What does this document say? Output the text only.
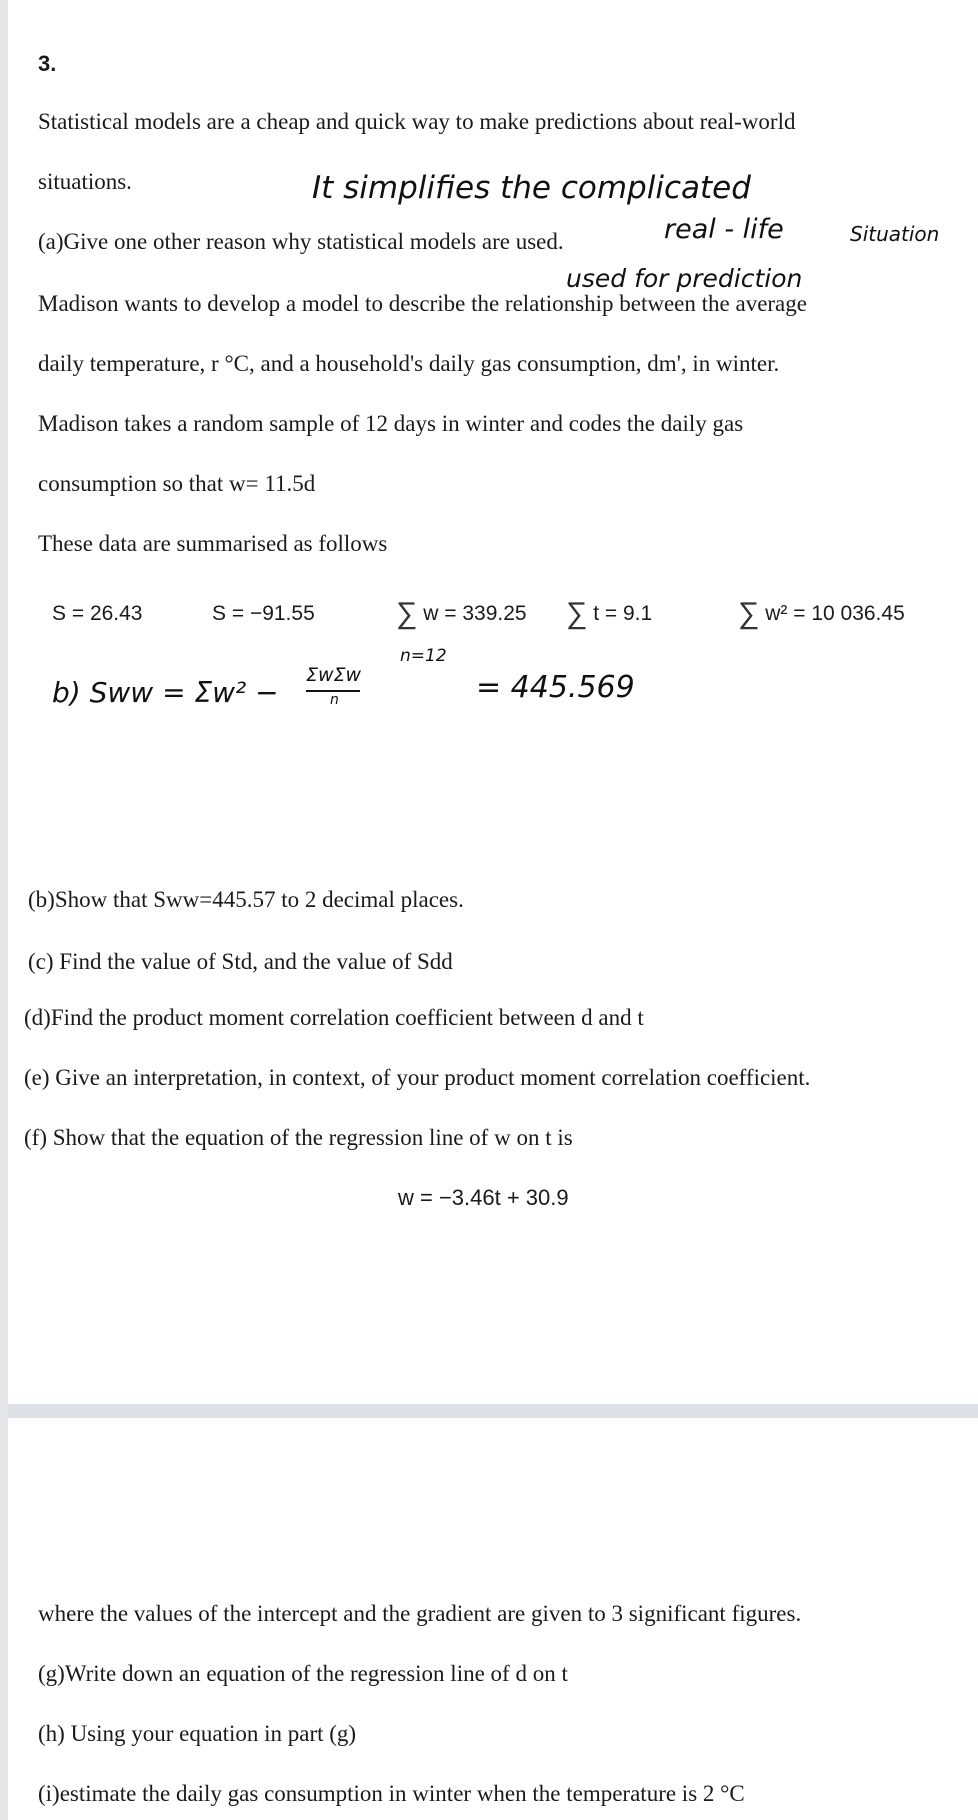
3.
Statistical models are a cheap and quick way to make predictions about real-world
situations.	It simplifies the complicated
(a)Give one other reason why statistical models are used.	real - life	Situation
used for prediction
Madison wants to develop a model to describe the relationship between the average
daily temperature, r °C, and a household's daily gas consumption, dm', in winter.
Madison takes a random sample of 12 days in winter and codes the daily gas
consumption so that w= 11.5d
These data are summarised as follows
S = 26.43	S = −91.55	∑ w = 339.25 ∑ t = 9.1	∑ w² = 10 036.45
n=12
b) Sww = Σw² −
ΣwΣw
n	= 445.569
(b)Show that Sww=445.57 to 2 decimal places.
(c) Find the value of Std, and the value of Sdd
(d)Find the product moment correlation coefficient between d and t
(e) Give an interpretation, in context, of your product moment correlation coefficient.
(f) Show that the equation of the regression line of w on t is
w = −3.46t + 30.9
where the values of the intercept and the gradient are given to 3 significant figures.
(g)Write down an equation of the regression line of d on t
(h) Using your equation in part (g)
(i)estimate the daily gas consumption in winter when the temperature is 2 °C
